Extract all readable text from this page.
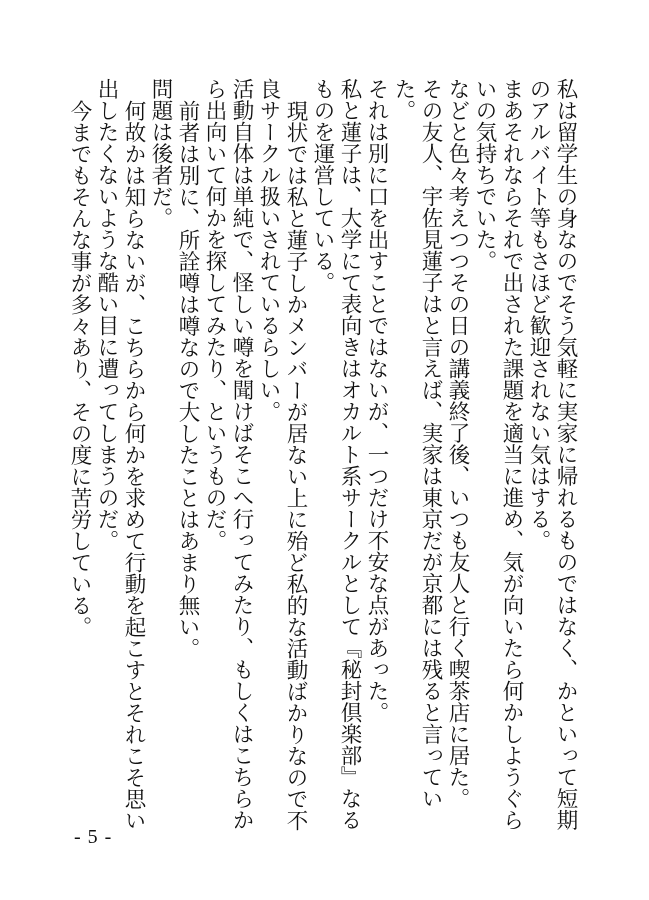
私は留学生の身なのでそう気軽に実家に帰れるものではなく、かといって短期のアルバイト等もさほど歓迎されない気はする。

まあそれならそれで出された課題を適当に進め、気が向いたら何かしようぐらいの気持ちでいた。

などと色々考えつつその日の講義終了後、いつも友人と行く喫茶店に居た。

その友人、宇佐見蓮子はと言えば、実家は東京だが京都には残ると言っていた。

それは別に口を出すことではないが、一つだけ不安な点があった。

私と蓮子は、大学にて表向きはオカルト系サークルとして『秘封倶楽部』なるものを運営している。

現状では私と蓮子しかメンバーが居ない上に殆ど私的な活動ばかりなので不良サークル扱いされているらしい。

活動自体は単純で、怪しい噂を聞けばそこへ行ってみたり、もしくはこちらから出向いて何かを探してみたり、というものだ。

前者は別に、所詮噂は噂なので大したことはあまり無い。

問題は後者だ。

何故かは知らないが、こちらから何かを求めて行動を起こすとそれこそ思い出したくないような酷い目に遭ってしまうのだ。

今までもそんな事が多々あり、その度に苦労している。

- 5 -
